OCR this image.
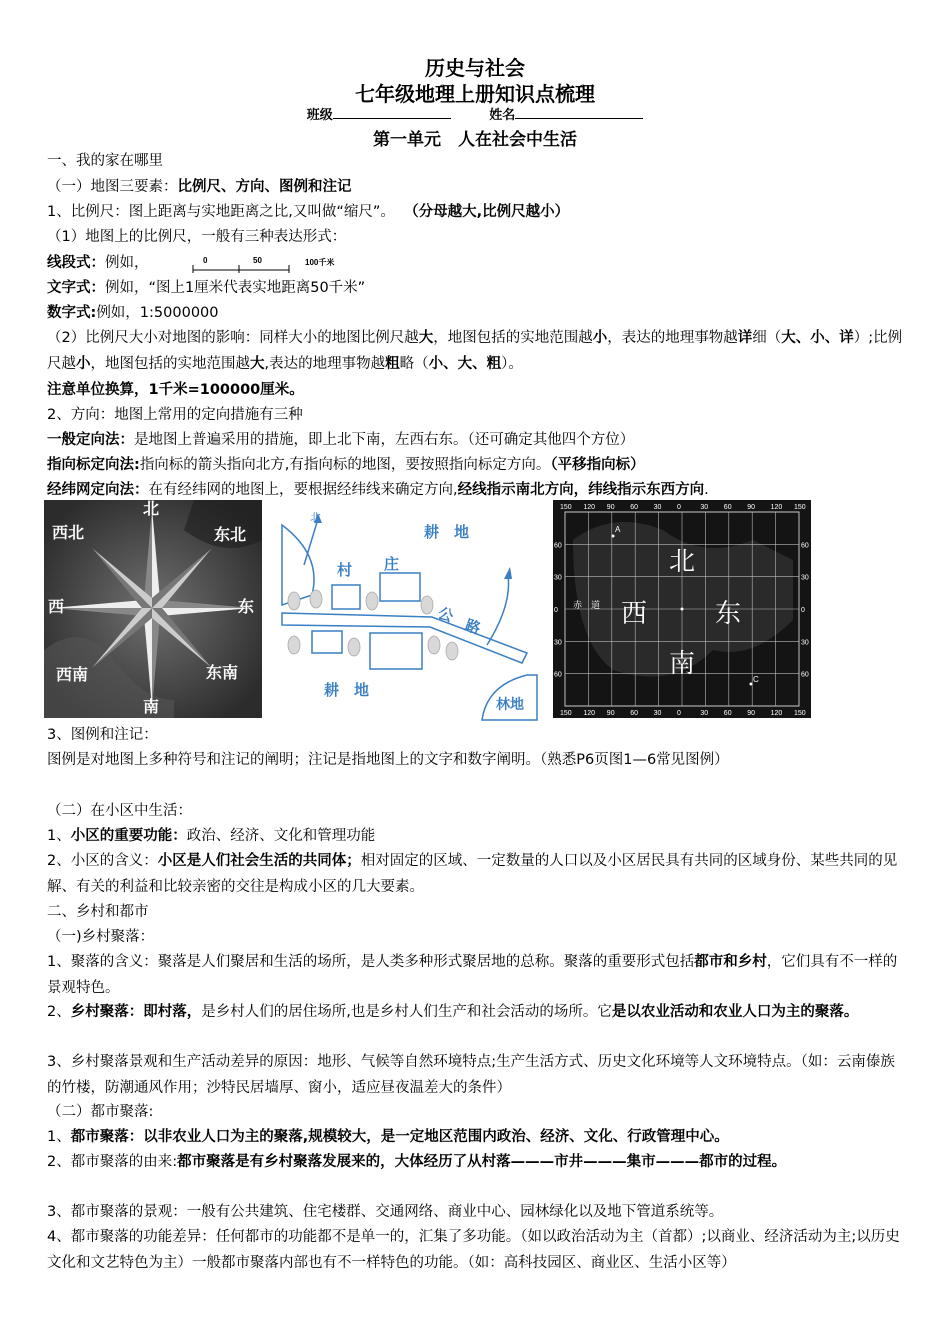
历史与社会
七年级地理上册知识点梳理
班级	姓名
第一单元　人在社会中生活
一、我的家在哪里
（一）地图三要素：比例尺、方向、图例和注记
1、比例尺：图上距离与实地距离之比,又叫做“缩尺”。 （分母越大,比例尺越小）
（1）地图上的比例尺，一般有三种表达形式：
线段式：例如，	0	50	100千米
文字式：例如，“图上1厘米代表实地距离50千米”
数字式:例如，1:5000000
（2）比例尺大小对地图的影响：同样大小的地图比例尺越大，地图包括的实地范围越小，表达的地理事物越详细（大、小、详）;比例尺越小，地图包括的实地范围越大,表达的地理事物越粗略（小、大、粗）。
注意单位换算，1千米=100000厘米。
2、方向：地图上常用的定向措施有三种
一般定向法：是地图上普遍采用的措施，即上北下南，左西右东。（还可确定其他四个方位）
指向标定向法:指向标的箭头指向北方,有指向标的地图，要按照指向标定方向。（平移指向标）
经纬网定向法：在有经纬网的地图上，要根据经纬线来确定方向,经线指示南北方向，纬线指示东西方向.
北
南
东
西
东北
西北
东南
西南
北
耕　地
村 庄
公
路
耕　地
林地
150
150
120
120
90
90
60
60
30
30
0
0
30
30
60
60
90
90
120
120
150
150
60	60
30	30
0	0
30	30
60	60
赤　道
A
C
北
南
东
西
3、图例和注记：
图例是对地图上多种符号和注记的阐明；注记是指地图上的文字和数字阐明。（熟悉P6页图1—6常见图例）
（二）在小区中生活：
1、小区的重要功能：政治、经济、文化和管理功能
2、小区的含义：小区是人们社会生活的共同体；相对固定的区域、一定数量的人口以及小区居民具有共同的区域身份、某些共同的见解、有关的利益和比较亲密的交往是构成小区的几大要素。
二、乡村和都市
（一)乡村聚落：
1、聚落的含义：聚落是人们聚居和生活的场所，是人类多种形式聚居地的总称。聚落的重要形式包括都市和乡村，它们具有不一样的景观特色。
2、乡村聚落：即村落，是乡村人们的居住场所,也是乡村人们生产和社会活动的场所。它是以农业活动和农业人口为主的聚落。
3、乡村聚落景观和生产活动差异的原因：地形、气候等自然环境特点;生产生活方式、历史文化环境等人文环境特点。（如：云南傣族的竹楼，防潮通风作用；沙特民居墙厚、窗小，适应昼夜温差大的条件）
（二）都市聚落:
1、都市聚落：以非农业人口为主的聚落,规模较大，是一定地区范围内政治、经济、文化、行政管理中心。
2、都市聚落的由来:都市聚落是有乡村聚落发展来的，大体经历了从村落———市井———集市———都市的过程。
3、都市聚落的景观：一般有公共建筑、住宅楼群、交通网络、商业中心、园林绿化以及地下管道系统等。
4、都市聚落的功能差异：任何都市的功能都不是单一的，汇集了多功能。（如以政治活动为主（首都）;以商业、经济活动为主;以历史文化和文艺特色为主）一般都市聚落内部也有不一样特色的功能。（如：高科技园区、商业区、生活小区等）
